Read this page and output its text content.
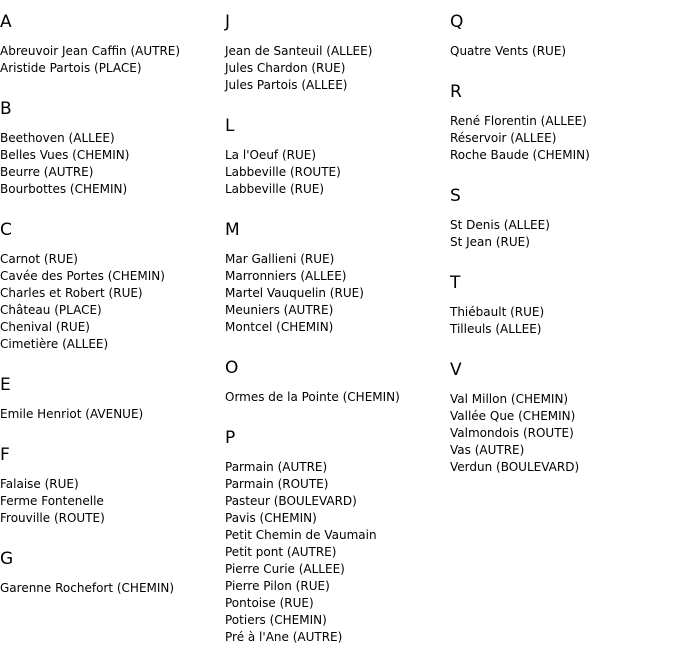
A
Abreuvoir Jean Caffin (AUTRE)
Aristide Partois (PLACE)
B
Beethoven (ALLEE)
Belles Vues (CHEMIN)
Beurre (AUTRE)
Bourbottes (CHEMIN)
C
Carnot (RUE)
Cavée des Portes (CHEMIN)
Charles et Robert (RUE)
Château (PLACE)
Chenival (RUE)
Cimetière (ALLEE)
E
Emile Henriot (AVENUE)
F
Falaise (RUE)
Ferme Fontenelle
Frouville (ROUTE)
G
Garenne Rochefort (CHEMIN)
J
Jean de Santeuil (ALLEE)
Jules Chardon (RUE)
Jules Partois (ALLEE)
L
La l'Oeuf (RUE)
Labbeville (ROUTE)
Labbeville (RUE)
M
Mar Gallieni (RUE)
Marronniers (ALLEE)
Martel Vauquelin (RUE)
Meuniers (AUTRE)
Montcel (CHEMIN)
O
Ormes de la Pointe (CHEMIN)
P
Parmain (AUTRE)
Parmain (ROUTE)
Pasteur (BOULEVARD)
Pavis (CHEMIN)
Petit Chemin de Vaumain
Petit pont (AUTRE)
Pierre Curie (ALLEE)
Pierre Pilon (RUE)
Pontoise (RUE)
Potiers (CHEMIN)
Pré à l'Ane (AUTRE)
Q
Quatre Vents (RUE)
R
René Florentin (ALLEE)
Réservoir (ALLEE)
Roche Baude (CHEMIN)
S
St Denis (ALLEE)
St Jean (RUE)
T
Thiébault (RUE)
Tilleuls (ALLEE)
V
Val Millon (CHEMIN)
Vallée Que (CHEMIN)
Valmondois (ROUTE)
Vas (AUTRE)
Verdun (BOULEVARD)
